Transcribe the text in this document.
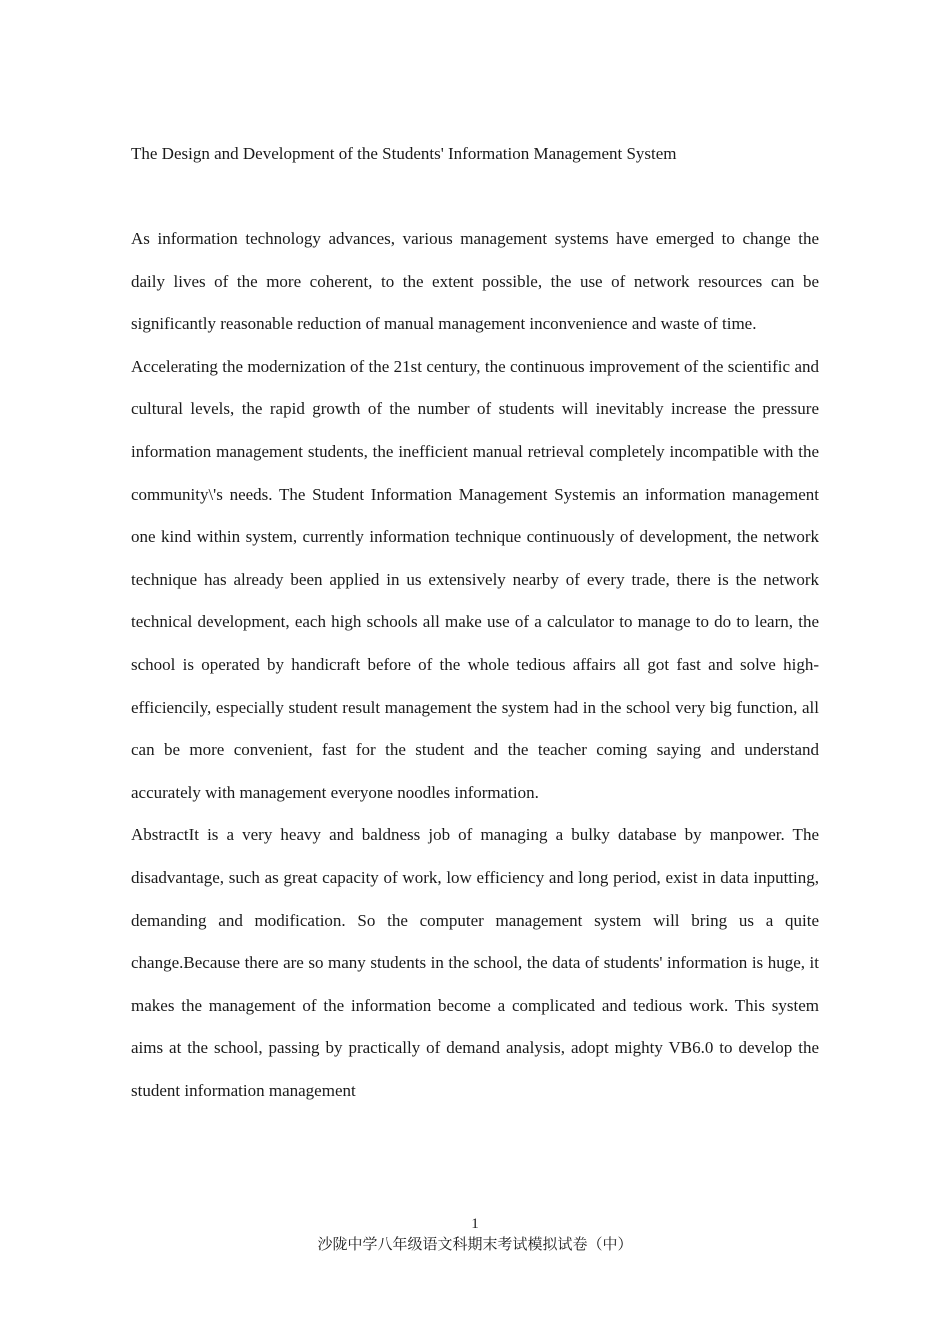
The Design and Development of the Students' Information Management System

As information technology advances, various management systems have emerged to change the daily lives of the more coherent, to the extent possible, the use of network resources can be significantly reasonable reduction of manual management inconvenience and waste of time.

Accelerating the modernization of the 21st century, the continuous improvement of the scientific and cultural levels, the rapid growth of the number of students will inevitably increase the pressure information management students, the inefficient manual retrieval completely incompatible with the community\'s needs. The Student Information Management Systemis an information management one kind within system, currently information technique continuously of development, the network technique has already been applied in us extensively nearby of every trade, there is the network technical development, each high schools all make use of a calculator to manage to do to learn, the school is operated by handicraft before of the whole tedious affairs all got fast and solve high-efficiencily, especially student result management the system had in the school very big function, all can be more convenient, fast for the student and the teacher coming saying and understand accurately with management everyone noodles information.

AbstractIt is a very heavy and baldness job of managing a bulky database by manpower. The disadvantage, such as great capacity of work, low efficiency and long period, exist in data inputting, demanding and modification. So the computer management system will bring us a quite change.Because there are so many students in the school, the data of students' information is huge, it makes the management of the information become a complicated and tedious work. This system aims at the school, passing by practically of demand analysis, adopt mighty VB6.0 to develop the student information management

1
沙陇中学八年级语文科期末考试模拟试卷（中）
